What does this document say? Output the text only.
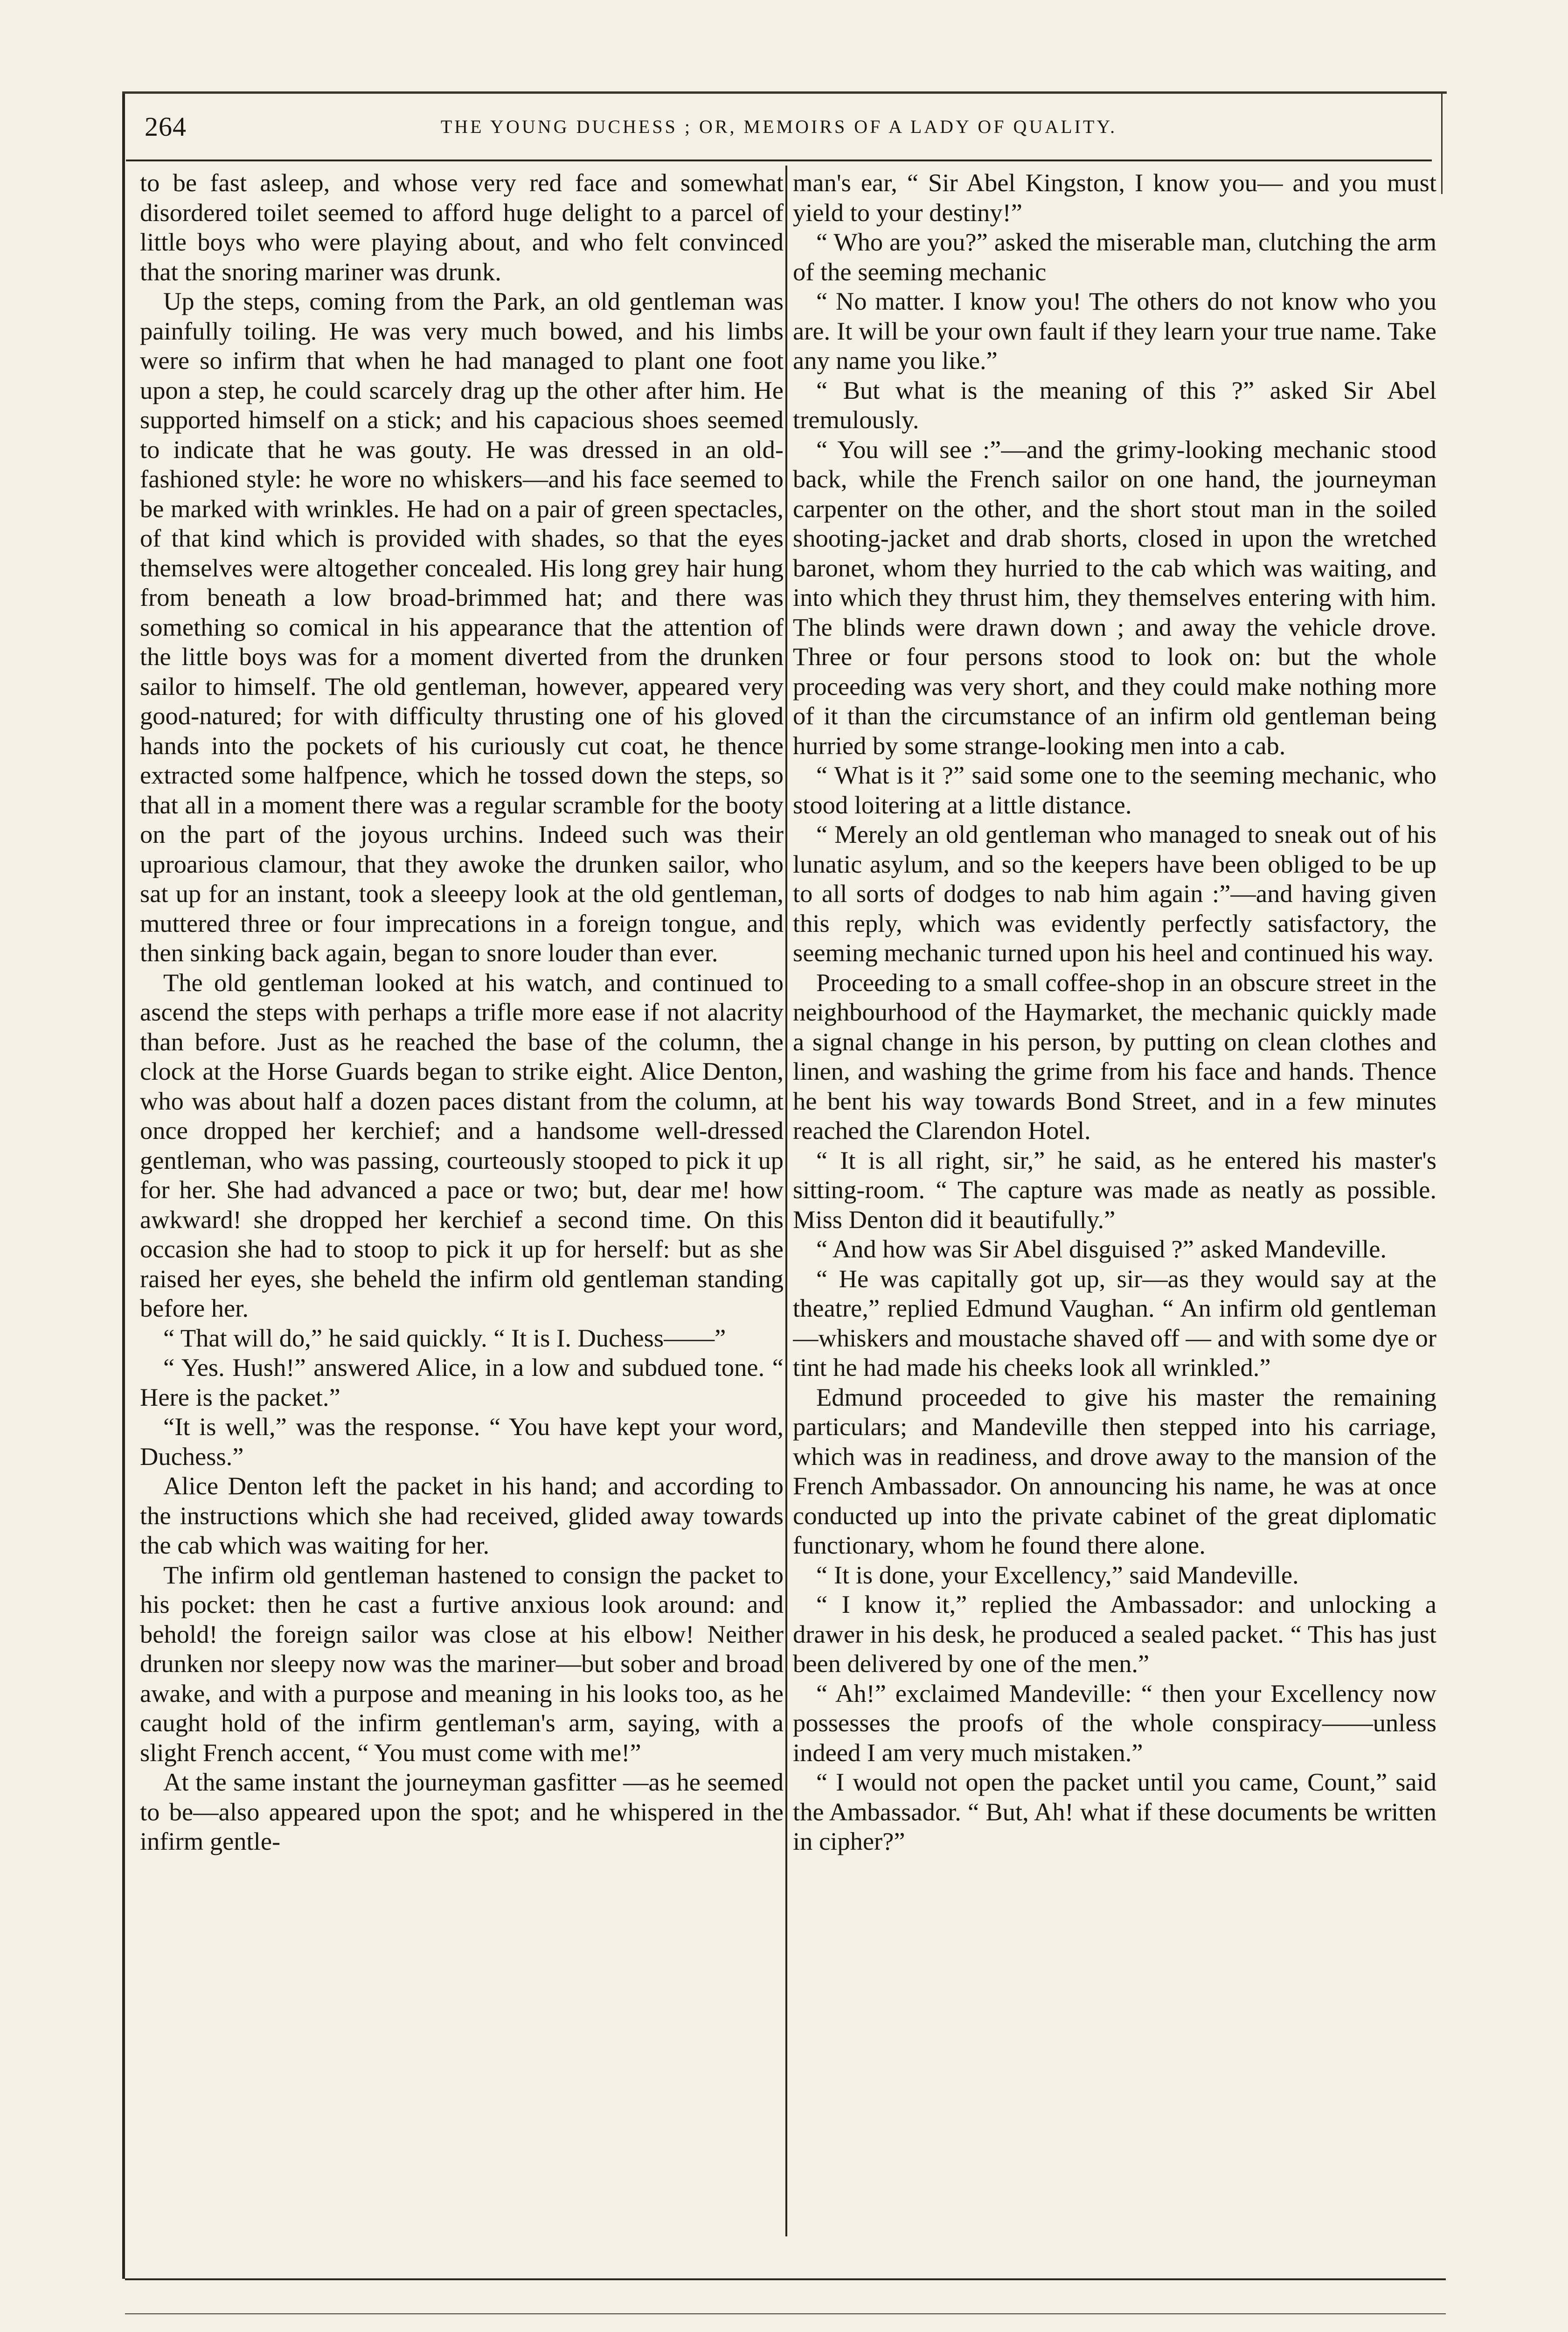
264	THE YOUNG DUCHESS ; OR, MEMOIRS OF A LADY OF QUALITY.

to be fast asleep, and whose very red face and somewhat disordered toilet seemed to afford huge delight to a parcel of little boys who were playing about, and who felt convinced that the snoring mariner was drunk.

Up the steps, coming from the Park, an old gentleman was painfully toiling. He was very much bowed, and his limbs were so infirm that when he had managed to plant one foot upon a step, he could scarcely drag up the other after him. He supported himself on a stick; and his capacious shoes seemed to indicate that he was gouty. He was dressed in an old-fashioned style: he wore no whiskers—and his face seemed to be marked with wrinkles. He had on a pair of green spectacles, of that kind which is provided with shades, so that the eyes themselves were altogether concealed. His long grey hair hung from beneath a low broad-brimmed hat; and there was something so comical in his appearance that the attention of the little boys was for a moment diverted from the drunken sailor to himself. The old gentleman, however, appeared very good-natured; for with difficulty thrusting one of his gloved hands into the pockets of his curiously cut coat, he thence extracted some halfpence, which he tossed down the steps, so that all in a moment there was a regular scramble for the booty on the part of the joyous urchins. Indeed such was their uproarious clamour, that they awoke the drunken sailor, who sat up for an instant, took a sleeepy look at the old gentleman, muttered three or four imprecations in a foreign tongue, and then sinking back again, began to snore louder than ever.

The old gentleman looked at his watch, and continued to ascend the steps with perhaps a trifle more ease if not alacrity than before. Just as he reached the base of the column, the clock at the Horse Guards began to strike eight. Alice Denton, who was about half a dozen paces distant from the column, at once dropped her kerchief; and a handsome well-dressed gentleman, who was passing, courteously stooped to pick it up for her. She had advanced a pace or two; but, dear me! how awkward! she dropped her kerchief a second time. On this occasion she had to stoop to pick it up for herself: but as she raised her eyes, she beheld the infirm old gentleman standing before her.

“ That will do,” he said quickly. “ It is I. Duchess——”

“ Yes. Hush!” answered Alice, in a low and subdued tone. “ Here is the packet.”

“It is well,” was the response. “ You have kept your word, Duchess.”

Alice Denton left the packet in his hand; and according to the instructions which she had received, glided away towards the cab which was waiting for her.

The infirm old gentleman hastened to consign the packet to his pocket: then he cast a furtive anxious look around: and behold! the foreign sailor was close at his elbow! Neither drunken nor sleepy now was the mariner—but sober and broad awake, and with a purpose and meaning in his looks too, as he caught hold of the infirm gentleman's arm, saying, with a slight French accent, “ You must come with me!”

At the same instant the journeyman gasfitter —as he seemed to be—also appeared upon the spot; and he whispered in the infirm gentle-

man's ear, “ Sir Abel Kingston, I know you— and you must yield to your destiny!”

“ Who are you?” asked the miserable man, clutching the arm of the seeming mechanic

“ No matter. I know you! The others do not know who you are. It will be your own fault if they learn your true name. Take any name you like.”

“ But what is the meaning of this ?” asked Sir Abel tremulously.

“ You will see :”—and the grimy-looking mechanic stood back, while the French sailor on one hand, the journeyman carpenter on the other, and the short stout man in the soiled shooting-jacket and drab shorts, closed in upon the wretched baronet, whom they hurried to the cab which was waiting, and into which they thrust him, they themselves entering with him. The blinds were drawn down ; and away the vehicle drove. Three or four persons stood to look on: but the whole proceeding was very short, and they could make nothing more of it than the circumstance of an infirm old gentleman being hurried by some strange-looking men into a cab.

“ What is it ?” said some one to the seeming mechanic, who stood loitering at a little distance.

“ Merely an old gentleman who managed to sneak out of his lunatic asylum, and so the keepers have been obliged to be up to all sorts of dodges to nab him again :”—and having given this reply, which was evidently perfectly satisfactory, the seeming mechanic turned upon his heel and continued his way.

Proceeding to a small coffee-shop in an obscure street in the neighbourhood of the Haymarket, the mechanic quickly made a signal change in his person, by putting on clean clothes and linen, and washing the grime from his face and hands. Thence he bent his way towards Bond Street, and in a few minutes reached the Clarendon Hotel.

“ It is all right, sir,” he said, as he entered his master's sitting-room. “ The capture was made as neatly as possible. Miss Denton did it beautifully.”

“ And how was Sir Abel disguised ?” asked Mandeville.

“ He was capitally got up, sir—as they would say at the theatre,” replied Edmund Vaughan. “ An infirm old gentleman—whiskers and moustache shaved off — and with some dye or tint he had made his cheeks look all wrinkled.”

Edmund proceeded to give his master the remaining particulars; and Mandeville then stepped into his carriage, which was in readiness, and drove away to the mansion of the French Ambassador. On announcing his name, he was at once conducted up into the private cabinet of the great diplomatic functionary, whom he found there alone.

“ It is done, your Excellency,” said Mandeville.

“ I know it,” replied the Ambassador: and unlocking a drawer in his desk, he produced a sealed packet. “ This has just been delivered by one of the men.”

“ Ah!” exclaimed Mandeville: “ then your Excellency now possesses the proofs of the whole conspiracy——unless indeed I am very much mistaken.”

“ I would not open the packet until you came, Count,” said the Ambassador. “ But, Ah! what if these documents be written in cipher?”
